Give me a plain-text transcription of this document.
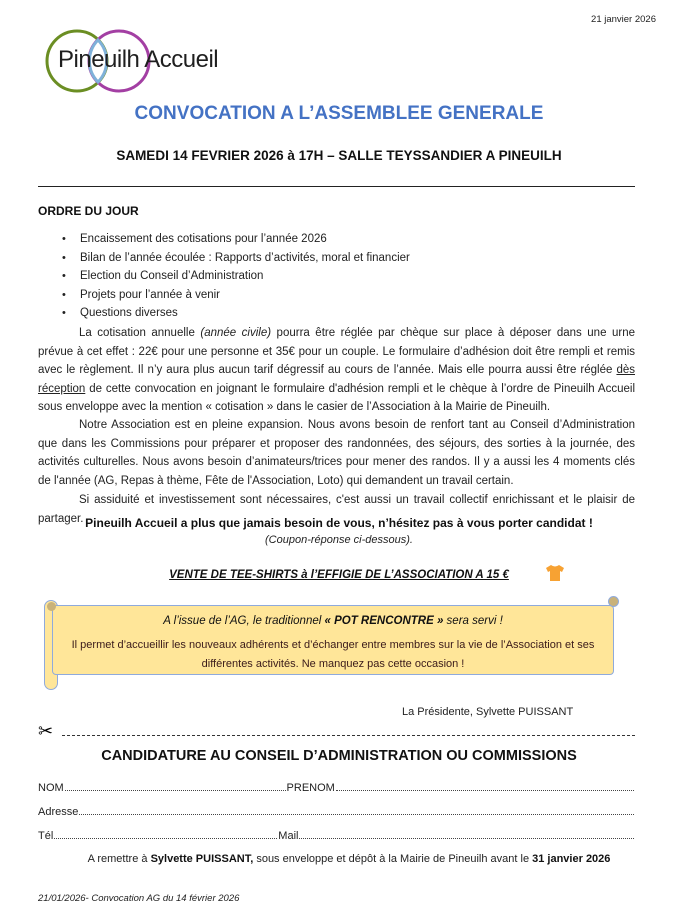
21 janvier 2026
Pineuilh Accueil
CONVOCATION A L’ASSEMBLEE GENERALE
SAMEDI 14 FEVRIER 2026 à 17H – SALLE TEYSSANDIER A PINEUILH
ORDRE DU JOUR
• Encaissement des cotisations pour l’année 2026
• Bilan de l’année écoulée : Rapports d’activités, moral et financier
• Election du Conseil d’Administration
• Projets pour l’année à venir
• Questions diverses
La cotisation annuelle (année civile) pourra être réglée par chèque sur place à déposer dans une urne prévue à cet effet : 22€ pour une personne et 35€ pour un couple. Le formulaire d’adhésion doit être rempli et remis avec le règlement. Il n’y aura plus aucun tarif dégressif au cours de l’année. Mais elle pourra aussi être réglée dès réception de cette convocation en joignant le formulaire d'adhésion rempli et le chèque à l’ordre de Pineuilh Accueil sous enveloppe avec la mention « cotisation » dans le casier de l’Association à la Mairie de Pineuilh.
Notre Association est en pleine expansion. Nous avons besoin de renfort tant au Conseil d’Administration que dans les Commissions pour préparer et proposer des randonnées, des séjours, des sorties à la journée, des activités culturelles. Nous avons besoin d’animateurs/trices pour mener des randos. Il y a aussi les 4 moments clés de l'année (AG, Repas à thème, Fête de l'Association, Loto) qui demandent un travail certain.
Si assiduité et investissement sont nécessaires, c'est aussi un travail collectif enrichissant et le plaisir de partager. Pineuilh Accueil a plus que jamais besoin de vous, n’hésitez pas à vous porter candidat !
(Coupon-réponse ci-dessous).
VENTE DE TEE-SHIRTS à l’EFFIGIE DE L’ASSOCIATION A 15 €
A l’issue de l’AG, le traditionnel « POT RENCONTRE » sera servi !
Il permet d’accueillir les nouveaux adhérents et d’échanger entre membres sur la vie de l’Association et ses différentes activités. Ne manquez pas cette occasion !
La Présidente, Sylvette PUISSANT
✂
CANDIDATURE AU CONSEIL D’ADMINISTRATION OU COMMISSIONS
NOM	PRENOM
Adresse
Tél	Mail
A remettre à Sylvette PUISSANT, sous enveloppe et dépôt à la Mairie de Pineuilh avant le 31 janvier 2026
21/01/2026- Convocation AG du 14 février 2026
